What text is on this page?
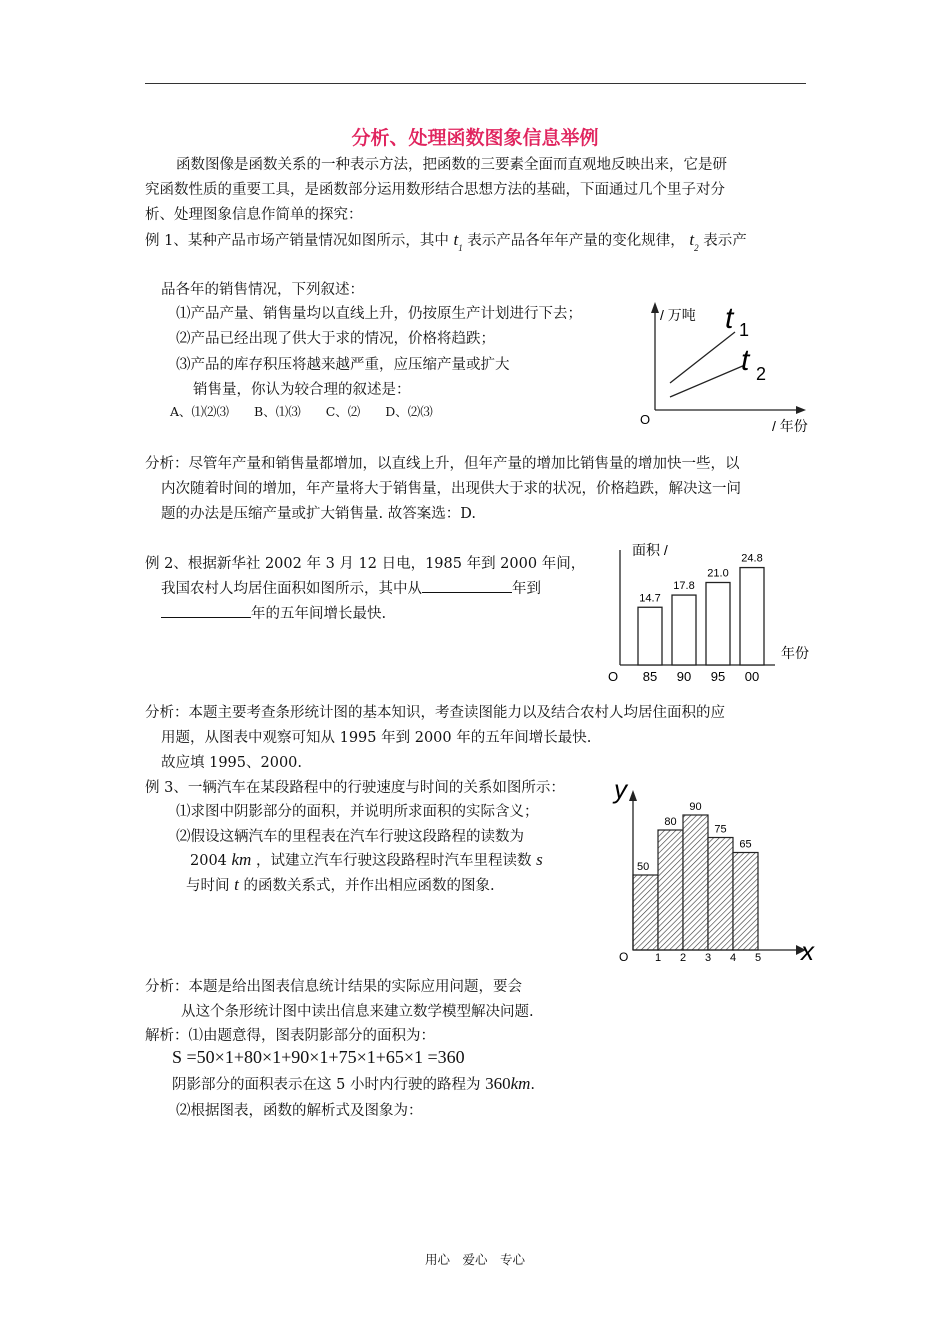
分析、处理函数图象信息举例
函数图像是函数关系的一种表示方法，把函数的三要素全面而直观地反映出来，它是研
究函数性质的重要工具，是函数部分运用数形结合思想方法的基础，下面通过几个里子对分
析、处理图象信息作简单的探究：
例 1、某种产品市场产销量情况如图所示，其中 $t_1$ 表示产品各年年产量的变化规律， $t_2$ 表示产
品各年的销售情况，下列叙述：
⑴产品产量、销售量均以直线上升，仍按原生产计划进行下去；
⑵产品已经出现了供大于求的情况，价格将趋跌；
⑶产品的库存积压将越来越严重，应压缩产量或扩大
销售量，你认为较合理的叙述是：
A、⑴⑵⑶　　B、⑴⑶　　C、⑵　　D、⑵⑶
/ 万吨
/ 年份
O
t 1
t 2
分析：尽管年产量和销售量都增加，以直线上升，但年产量的增加比销售量的增加快一些，以
内次随着时间的增加，年产量将大于销售量，出现供大于求的状况，价格趋跌，解决这一问
题的办法是压缩产量或扩大销售量. 故答案选：D.
例 2、根据新华社 2002 年 3 月 12 日电，1985 年到 2000 年间，
我国农村人均居住面积如图所示，其中从	年到
年的五年间增长最快.
面积 /
年份
O
14.7
85
17.8
90
21.0
95
24.8
00
分析：本题主要考查条形统计图的基本知识，考查读图能力以及结合农村人均居住面积的应
用题，从图表中观察可知从 1995 年到 2000 年的五年间增长最快.
故应填 1995、2000.
例 3、一辆汽车在某段路程中的行驶速度与时间的关系如图所示：
⑴求图中阴影部分的面积，并说明所求面积的实际含义；
⑵假设这辆汽车的里程表在汽车行驶这段路程的读数为
2004 km ，试建立汽车行驶这段路程时汽车里程读数 s
与时间 t 的函数关系式，并作出相应函数的图象.
50
1
80
2
90
3
75
4
65
5
y
x
O
分析：本题是给出图表信息统计结果的实际应用问题，要会
从这个条形统计图中读出信息来建立数学模型解决问题.
解析：⑴由题意得，图表阴影部分的面积为：
S =50×1+80×1+90×1+75×1+65×1 =360
阴影部分的面积表示在这 5 小时内行驶的路程为 360km.
⑵根据图表，函数的解析式及图象为：
用心　爱心　专心
